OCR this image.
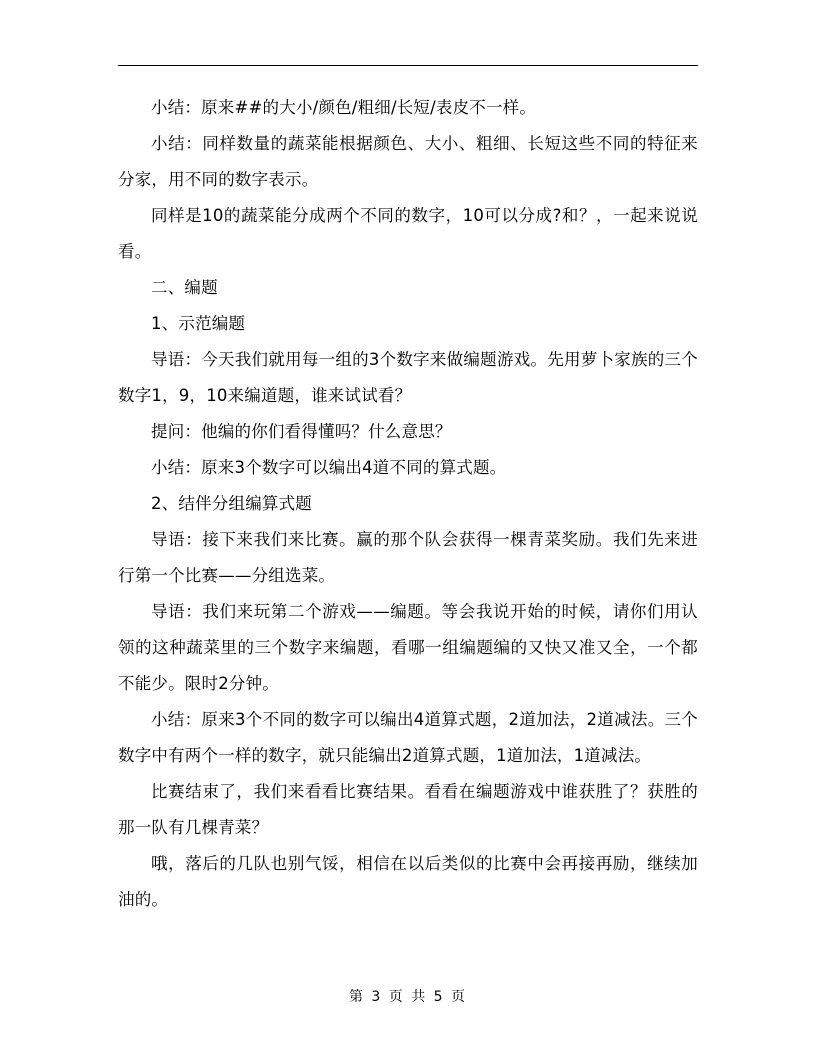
小结：原来##的大小/颜色/粗细/长短/表皮不一样。

小结：同样数量的蔬菜能根据颜色、大小、粗细、长短这些不同的特征来分家，用不同的数字表示。

同样是10的蔬菜能分成两个不同的数字，10可以分成?和？，一起来说说看。

二、编题

1、示范编题

导语：今天我们就用每一组的3个数字来做编题游戏。先用萝卜家族的三个数字1，9，10来编道题，谁来试试看？

提问：他编的你们看得懂吗？什么意思？

小结：原来3个数字可以编出4道不同的算式题。

2、结伴分组编算式题

导语：接下来我们来比赛。赢的那个队会获得一棵青菜奖励。我们先来进行第一个比赛——分组选菜。

导语：我们来玩第二个游戏——编题。等会我说开始的时候，请你们用认领的这种蔬菜里的三个数字来编题，看哪一组编题编的又快又准又全，一个都不能少。限时2分钟。

小结：原来3个不同的数字可以编出4道算式题，2道加法，2道减法。三个数字中有两个一样的数字，就只能编出2道算式题，1道加法，1道减法。

比赛结束了，我们来看看比赛结果。看看在编题游戏中谁获胜了？获胜的那一队有几棵青菜？

哦，落后的几队也别气馁，相信在以后类似的比赛中会再接再励，继续加油的。

第 3 页 共 5 页
